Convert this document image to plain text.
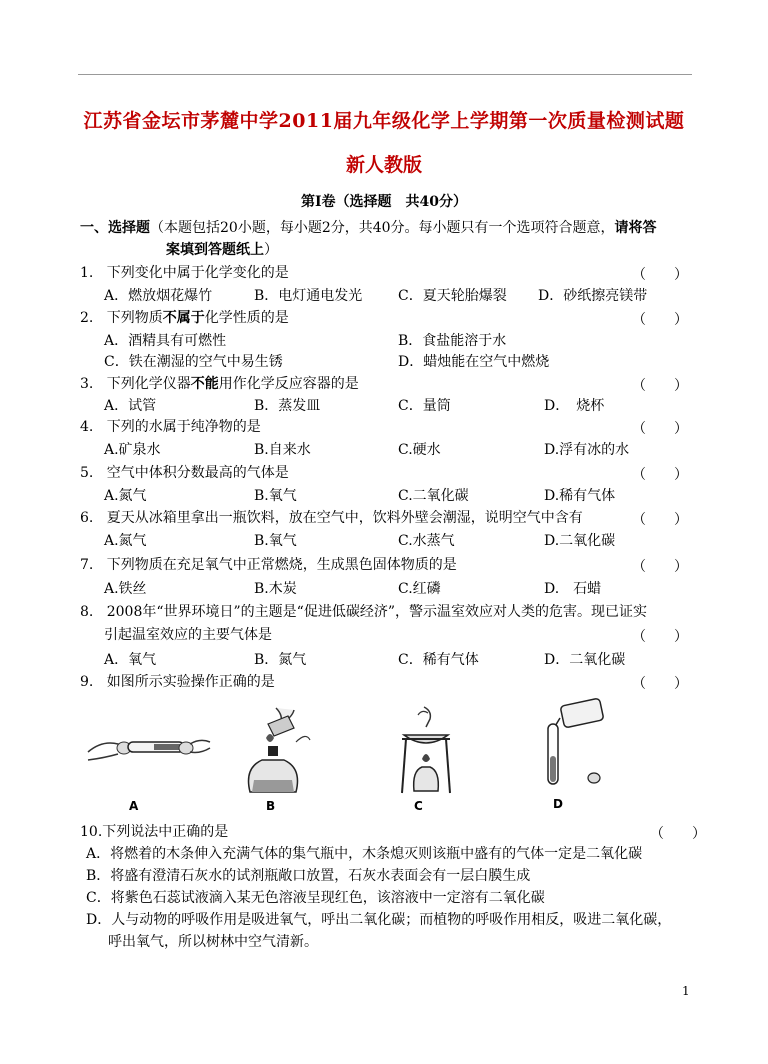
江苏省金坛市茅麓中学2011届九年级化学上学期第一次质量检测试题
新人教版
第Ⅰ卷（选择题　共40分）
一、选择题（本题包括20小题，每小题2分，共40分。每小题只有一个选项符合题意，请将答
案填到答题纸上）
1. 下列变化中属于化学变化的是	（　　）
A．燃放烟花爆竹	B．电灯通电发光	C．夏天轮胎爆裂 D．砂纸擦亮镁带
2. 下列物质不属于化学性质的是	（　　）
A．酒精具有可燃性	B．食盐能溶于水
C．铁在潮湿的空气中易生锈	D．蜡烛能在空气中燃烧
3. 下列化学仪器不能用作化学反应容器的是	（　　）
A．试管	B．蒸发皿	C．量筒	D．　烧杯
4. 下列的水属于纯净物的是	（　　）
A.矿泉水	B.自来水	C.硬水	D.浮有冰的水
5. 空气中体积分数最高的气体是	（　　）
A.氮气	B.氧气	C.二氧化碳	D.稀有气体
6. 夏天从冰箱里拿出一瓶饮料，放在空气中，饮料外壁会潮湿，说明空气中含有	（　　）
A.氮气	B.氧气	C.水蒸气	D.二氧化碳
7. 下列物质在充足氧气中正常燃烧，生成黑色固体物质的是	（　　）
A.铁丝	B.木炭	C.红磷	D.　石蜡
8. 2008年“世界环境日”的主题是“促进低碳经济”，警示温室效应对人类的危害。现已证实
引起温室效应的主要气体是	（　　）
A．氧气	B．氮气	C．稀有气体	D．二氧化碳
9. 如图所示实验操作正确的是	（　　）
A	B	C	D
10.下列说法中正确的是	（　　）
A．将燃着的木条伸入充满气体的集气瓶中，木条熄灭则该瓶中盛有的气体一定是二氧化碳
B．将盛有澄清石灰水的试剂瓶敞口放置，石灰水表面会有一层白膜生成
C．将紫色石蕊试液滴入某无色溶液呈现红色，该溶液中一定溶有二氧化碳
D．人与动物的呼吸作用是吸进氧气，呼出二氧化碳；而植物的呼吸作用相反，吸进二氧化碳，
呼出氧气，所以树林中空气清新。
1
